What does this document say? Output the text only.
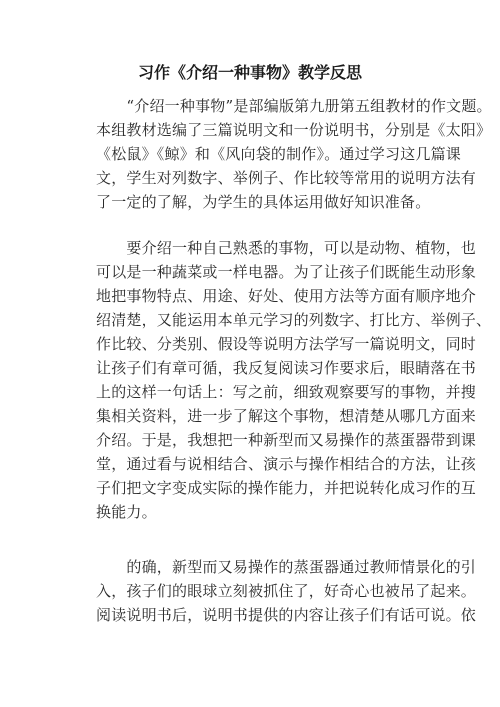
习作《介绍一种事物》教学反思
　　“介绍一种事物”是部编版第九册第五组教材的作文题。
本组教材选编了三篇说明文和一份说明书，分别是《太阳》
《松鼠》《鲸》和《风向袋的制作》。通过学习这几篇课
文，学生对列数字、举例子、作比较等常用的说明方法有
了一定的了解，为学生的具体运用做好知识准备。
　　要介绍一种自己熟悉的事物，可以是动物、植物，也
可以是一种蔬菜或一样电器。为了让孩子们既能生动形象
地把事物特点、用途、好处、使用方法等方面有顺序地介
绍清楚，又能运用本单元学习的列数字、打比方、举例子、
作比较、分类别、假设等说明方法学写一篇说明文，同时
让孩子们有章可循，我反复阅读习作要求后，眼睛落在书
上的这样一句话上：写之前，细致观察要写的事物，并搜
集相关资料，进一步了解这个事物，想清楚从哪几方面来
介绍。于是，我想把一种新型而又易操作的蒸蛋器带到课
堂，通过看与说相结合、演示与操作相结合的方法，让孩
子们把文字变成实际的操作能力，并把说转化成习作的互
换能力。
　　的确，新型而又易操作的蒸蛋器通过教师情景化的引
入，孩子们的眼球立刻被抓住了，好奇心也被吊了起来。
阅读说明书后，说明书提供的内容让孩子们有话可说。依
